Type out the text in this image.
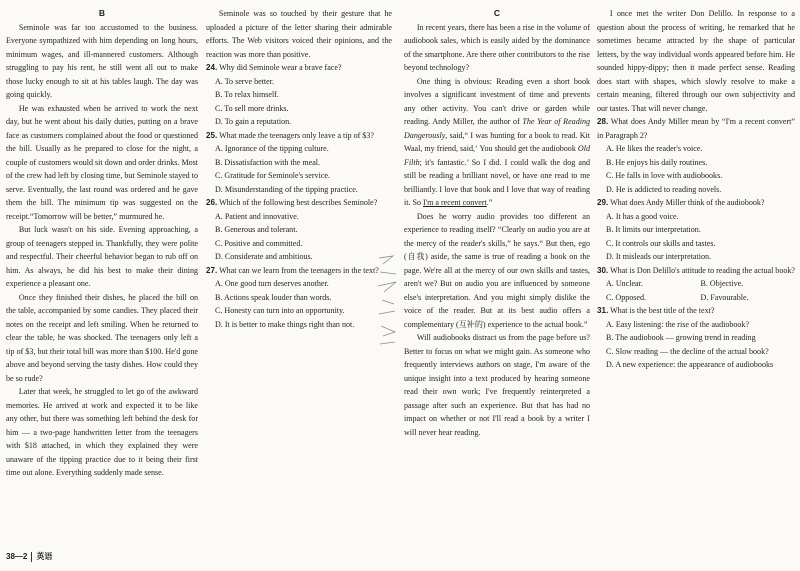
B

Seminole was far too accustomed to the business. Everyone sympathized with him depending on long hours, minimum wages, and ill-mannered customers. Although struggling to pay his rent, he still went all out to make those lucky enough to sit at his tables laugh. The day was going quickly.

He was exhausted when he arrived to work the next day, but he went about his daily duties, putting on a brave face as customers complained about the food or questioned the bill. Usually as he prepared to close for the night, a couple of customers would sit down and order drinks. Most of the crew had left by closing time, but Seminole stayed to serve. Eventually, the last round was ordered and he gave them the bill. The minimum tip was suggested on the receipt.“Tomorrow will be better,” murmured he.

But luck wasn't on his side. Evening approaching, a group of teenagers stepped in. Thankfully, they were polite and respectful. Their cheerful behavior began to rub off on him. As always, he did his best to make their dining experience a pleasant one.

Once they finished their dishes, he placed the bill on the table, accompanied by some candies. They placed their notes on the receipt and left smiling. When he returned to clear the table, he was shocked. The teenagers only left a tip of $3, but their total bill was more than $100. He'd gone above and beyond serving the tasty dishes. How could they be so rude?

Later that week, he struggled to let go of the awkward memories. He arrived at work and expected it to be like any other, but there was something left behind the desk for him — a two-page handwritten letter from the teenagers with $18 attached, in which they explained they were unaware of the tipping practice due to it being their first time out alone. Everything suddenly made sense.

Seminole was so touched by their gesture that he uploaded a picture of the letter sharing their admirable efforts. The Web visitors voiced their opinions, and the reaction was more than positive.

24. Why did Seminole wear a brave face?

A. To serve better.

B. To relax himself.

C. To sell more drinks.

D. To gain a reputation.

25. What made the teenagers only leave a tip of $3?

A. Ignorance of the tipping culture.

B. Dissatisfaction with the meal.

C. Gratitude for Seminole's service.

D. Misunderstanding of the tipping practice.

26. Which of the following best describes Seminole?

A. Patient and innovative.

B. Generous and tolerant.

C. Positive and committed.

D. Considerate and ambitious.

27. What can we learn from the teenagers in the text?

A. One good turn deserves another.

B. Actions speak louder than words.

C. Honesty can turn into an opportunity.

D. It is better to make things right than not.

C

In recent years, there has been a rise in the volume of audiobook sales, which is easily aided by the dominance of the smartphone. Are there other contributors to the rise beyond technology?

One thing is obvious: Reading even a short book involves a significant investment of time and prevents any other activity. You can't drive or garden while reading. Andy Miller, the author of The Year of Reading Dangerously, said,“ I was hunting for a book to read. Kit Waal, my friend, said,‘ You should get the audiobook Old Filth; it's fantastic.’ So I did. I could walk the dog and still be reading a brilliant novel, or have one read to me brilliantly. I love that book and I love that way of reading it. So I'm a recent convert.”

Does he worry audio provides too different an experience to reading itself? “Clearly on audio you are at the mercy of the reader's skills,” he says.“ But then, ego (自我) aside, the same is true of reading a book on the page. We're all at the mercy of our own skills and tastes, aren't we? But on audio you are influenced by someone else's interpretation. And you might simply dislike the voice of the reader. But at its best audio offers a complementary (互补的) experience to the actual book.”

Will audiobooks distract us from the page before us? Better to focus on what we might gain. As someone who frequently interviews authors on stage, I'm aware of the unique insight into a text produced by hearing someone read their own work; I've frequently reinterpreted a passage after such an experience. But that has had no impact on whether or not I'll read a book by a writer I will never hear reading.

I once met the writer Don Delillo. In response to a question about the process of writing, he remarked that he sometimes became attracted by the shape of particular letters, by the way individual words appeared before him. He sounded hippy-dippy; then it made perfect sense. Reading does start with shapes, which slowly resolve to make a certain meaning, filtered through our own subjectivity and our tastes. That will never change.

28. What does Andy Miller mean by “I'm a recent convert” in Paragraph 2?

A. He likes the reader's voice.

B. He enjoys his daily routines.

C. He falls in love with audiobooks.

D. He is addicted to reading novels.

29. What does Andy Miller think of the audiobook?

A. It has a good voice.

B. It limits our interpretation.

C. It controls our skills and tastes.

D. It misleads our interpretation.

30. What is Don Delillo's attitude to reading the actual book?

A. Unclear.	B. Objective.
C. Opposed.	D. Favourable.

31. What is the best title of the text?

A. Easy listening: the rise of the audiobook?

B. The audiobook — growing trend in reading

C. Slow reading — the decline of the actual book?

D. A new experience: the appearance of audiobooks

38—2 英语
